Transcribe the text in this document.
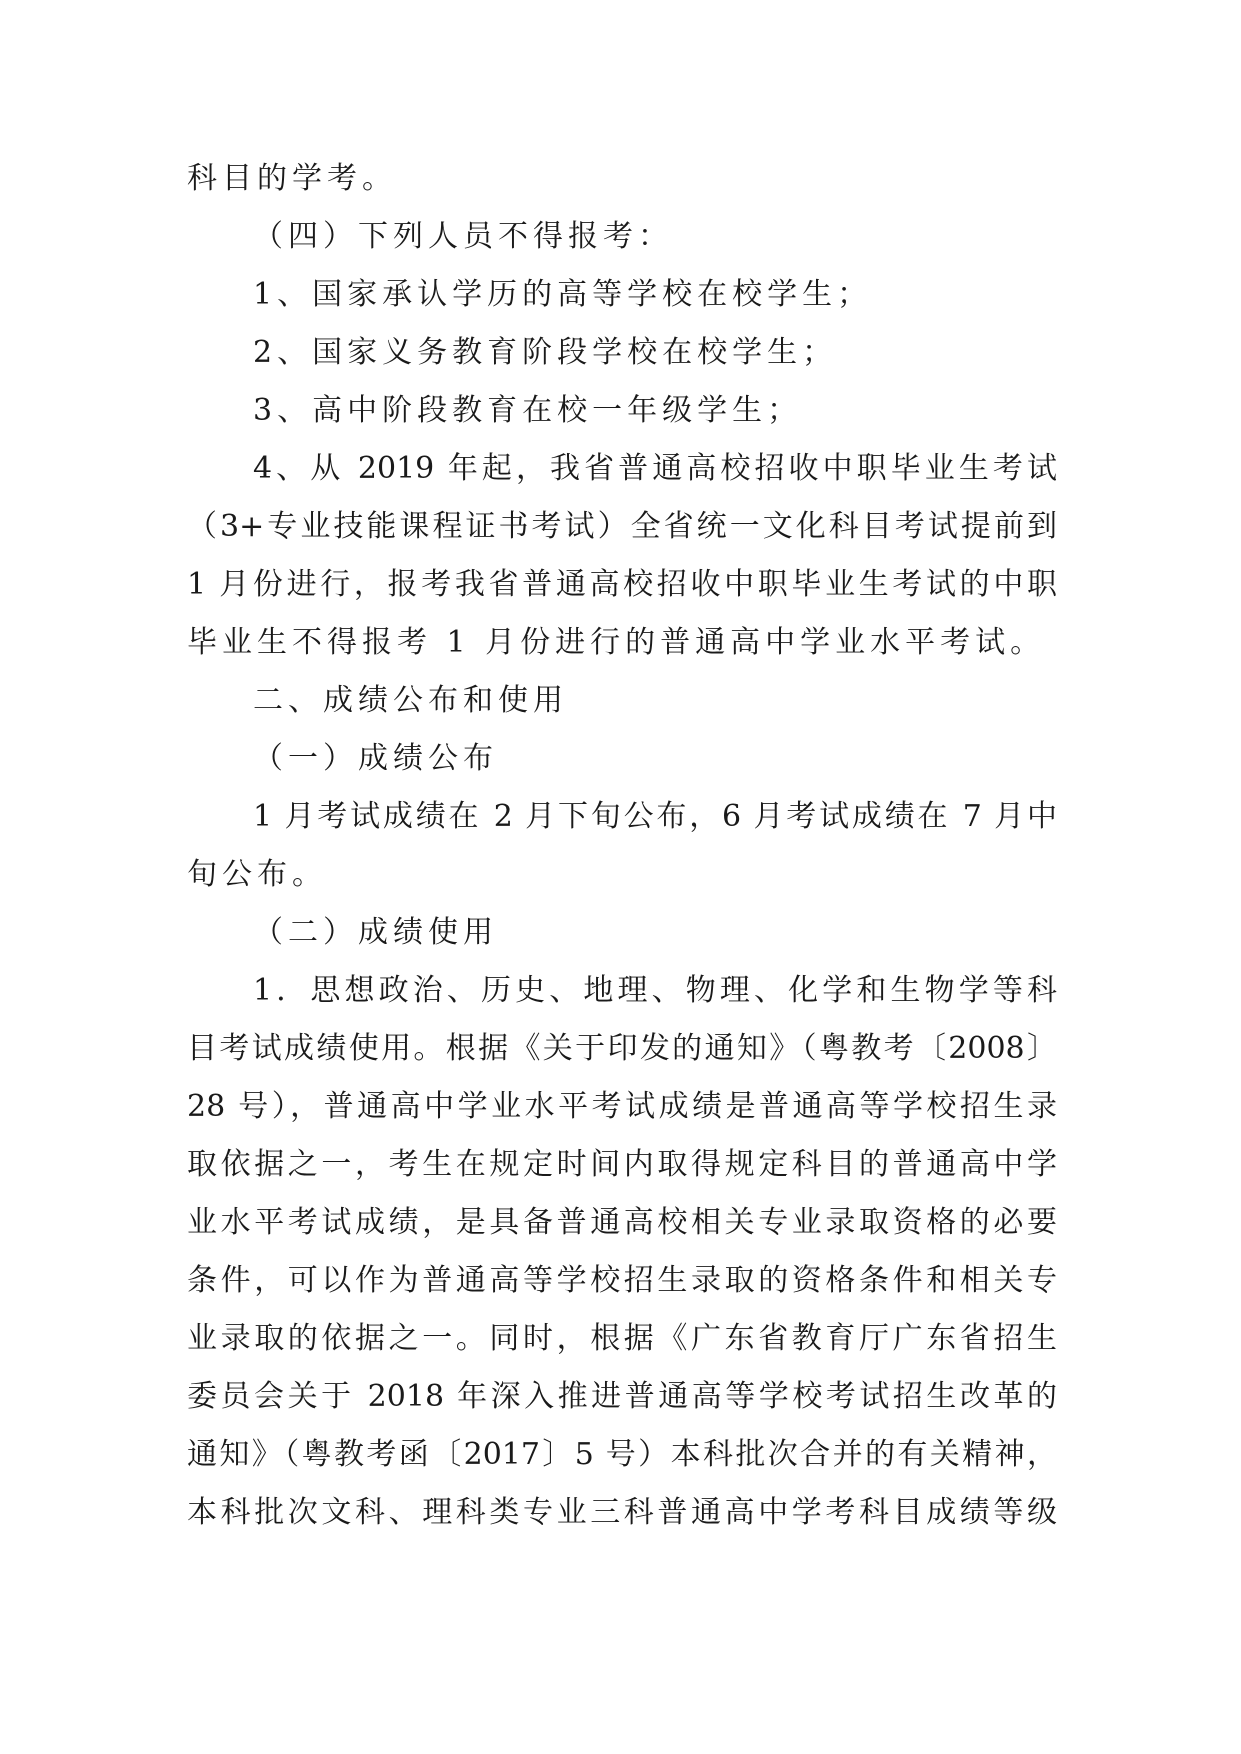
科目的学考。
（四）下列人员不得报考：
1、国家承认学历的高等学校在校学生；
2、国家义务教育阶段学校在校学生；
3、高中阶段教育在校一年级学生；
4、从 2019 年起，我省普通高校招收中职毕业生考试
（3+专业技能课程证书考试）全省统一文化科目考试提前到
1 月份进行，报考我省普通高校招收中职毕业生考试的中职
毕业生不得报考 1 月份进行的普通高中学业水平考试。
二、成绩公布和使用
（一）成绩公布
1 月考试成绩在 2 月下旬公布，6 月考试成绩在 7 月中
旬公布。
（二）成绩使用
1．思想政治、历史、地理、物理、化学和生物学等科
目考试成绩使用。根据《关于印发的通知》（粤教考〔2008〕
28 号），普通高中学业水平考试成绩是普通高等学校招生录
取依据之一，考生在规定时间内取得规定科目的普通高中学
业水平考试成绩，是具备普通高校相关专业录取资格的必要
条件，可以作为普通高等学校招生录取的资格条件和相关专
业录取的依据之一。同时，根据《广东省教育厅广东省招生
委员会关于 2018 年深入推进普通高等学校考试招生改革的
通知》（粤教考函〔2017〕5 号）本科批次合并的有关精神，
本科批次文科、理科类专业三科普通高中学考科目成绩等级
